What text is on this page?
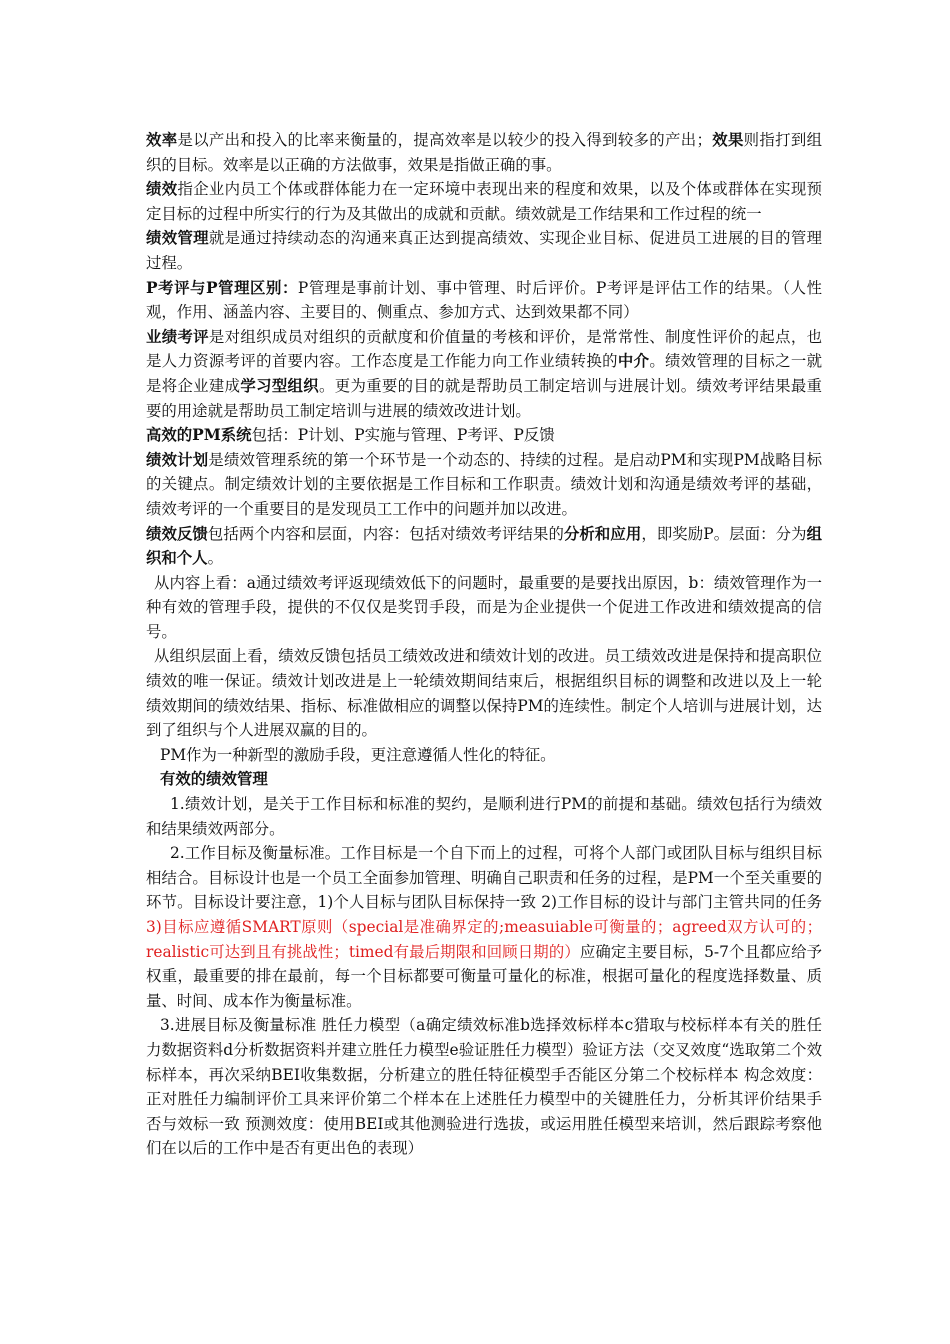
效率是以产出和投入的比率来衡量的，提高效率是以较少的投入得到较多的产出；效果则指打到组织的目标。效率是以正确的方法做事，效果是指做正确的事。

绩效指企业内员工个体或群体能力在一定环境中表现出来的程度和效果，以及个体或群体在实现预定目标的过程中所实行的行为及其做出的成就和贡献。绩效就是工作结果和工作过程的统一

绩效管理就是通过持续动态的沟通来真正达到提高绩效、实现企业目标、促进员工进展的目的管理过程。

P考评与P管理区别：P管理是事前计划、事中管理、时后评价。P考评是评估工作的结果。（人性观，作用、涵盖内容、主要目的、侧重点、参加方式、达到效果都不同）

业绩考评是对组织成员对组织的贡献度和价值量的考核和评价，是常常性、制度性评价的起点，也是人力资源考评的首要内容。工作态度是工作能力向工作业绩转换的中介。绩效管理的目标之一就是将企业建成学习型组织。更为重要的目的就是帮助员工制定培训与进展计划。绩效考评结果最重要的用途就是帮助员工制定培训与进展的绩效改进计划。

高效的PM系统包括：P计划、P实施与管理、P考评、P反馈

绩效计划是绩效管理系统的第一个环节是一个动态的、持续的过程。是启动PM和实现PM战略目标的关键点。制定绩效计划的主要依据是工作目标和工作职责。绩效计划和沟通是绩效考评的基础，绩效考评的一个重要目的是发现员工工作中的问题并加以改进。

绩效反馈包括两个内容和层面，内容：包括对绩效考评结果的分析和应用，即奖励P。层面：分为组织和个人。

从内容上看：a通过绩效考评返现绩效低下的问题时，最重要的是要找出原因，b：绩效管理作为一种有效的管理手段，提供的不仅仅是奖罚手段，而是为企业提供一个促进工作改进和绩效提高的信号。

从组织层面上看，绩效反馈包括员工绩效改进和绩效计划的改进。员工绩效改进是保持和提高职位绩效的唯一保证。绩效计划改进是上一轮绩效期间结束后，根据组织目标的调整和改进以及上一轮绩效期间的绩效结果、指标、标准做相应的调整以保持PM的连续性。制定个人培训与进展计划，达到了组织与个人进展双赢的目的。

PM作为一种新型的激励手段，更注意遵循人性化的特征。

有效的绩效管理

1.绩效计划，是关于工作目标和标准的契约，是顺利进行PM的前提和基础。绩效包括行为绩效和结果绩效两部分。

2.工作目标及衡量标准。工作目标是一个自下而上的过程，可将个人部门或团队目标与组织目标相结合。目标设计也是一个员工全面参加管理、明确自己职责和任务的过程，是PM一个至关重要的环节。目标设计要注意，1)个人目标与团队目标保持一致 2)工作目标的设计与部门主管共同的任务 3)目标应遵循SMART原则（special是准确界定的;measuiable可衡量的；agreed双方认可的；realistic可达到且有挑战性；timed有最后期限和回顾日期的）应确定主要目标，5-7个且都应给予权重，最重要的排在最前，每一个目标都要可衡量可量化的标准，根据可量化的程度选择数量、质量、时间、成本作为衡量标准。

3.进展目标及衡量标准 胜任力模型（a确定绩效标准b选择效标样本c猎取与校标样本有关的胜任力数据资料d分析数据资料并建立胜任力模型e验证胜任力模型）验证方法（交叉效度“选取第二个效标样本，再次采纳BEI收集数据，分析建立的胜任特征模型手否能区分第二个校标样本 构念效度：正对胜任力编制评价工具来评价第二个样本在上述胜任力模型中的关键胜任力，分析其评价结果手否与效标一致 预测效度：使用BEI或其他测验进行选拔，或运用胜任模型来培训，然后跟踪考察他们在以后的工作中是否有更出色的表现）
